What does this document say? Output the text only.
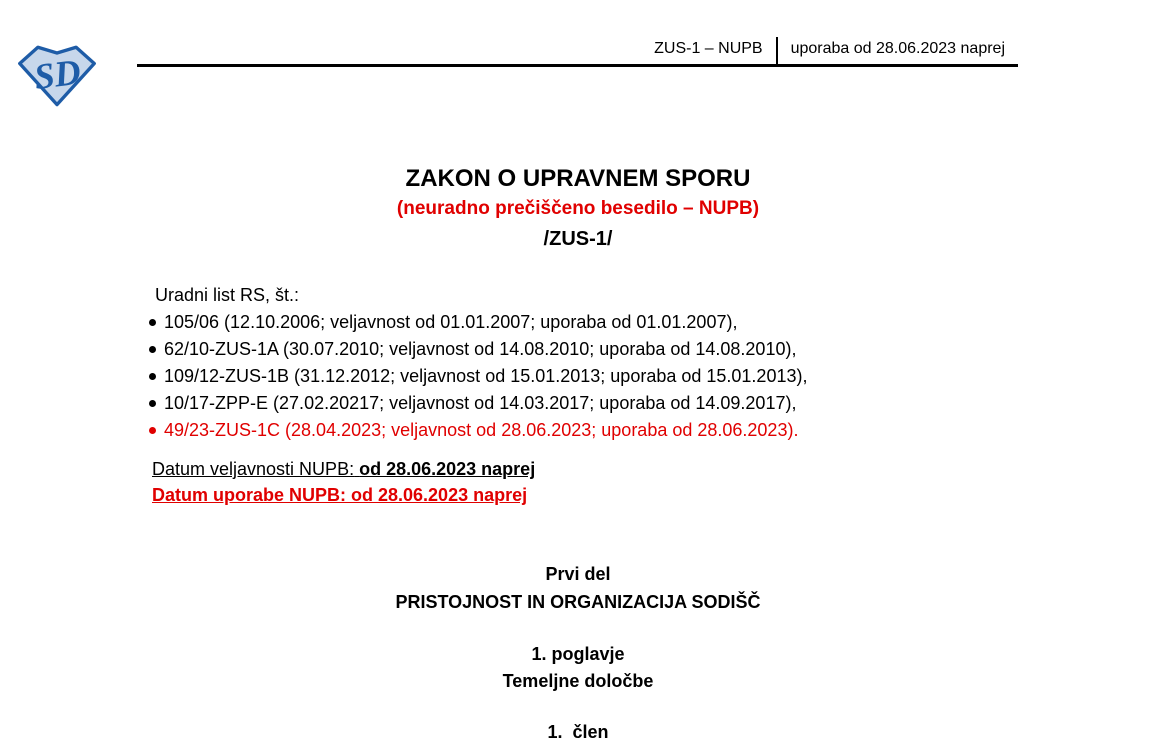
SD
ZUS-1 – NUPB uporaba od 28.06.2023 naprej
ZAKON O UPRAVNEM SPORU
(neuradno prečiščeno besedilo – NUPB)
/ZUS-1/
Uradni list RS, št.:
105/06 (12.10.2006; veljavnost od 01.01.2007; uporaba od 01.01.2007),
62/10-ZUS-1A (30.07.2010; veljavnost od 14.08.2010; uporaba od 14.08.2010),
109/12-ZUS-1B (31.12.2012; veljavnost od 15.01.2013; uporaba od 15.01.2013),
10/17-ZPP-E (27.02.20217; veljavnost od 14.03.2017; uporaba od 14.09.2017),
49/23-ZUS-1C (28.04.2023; veljavnost od 28.06.2023; uporaba od 28.06.2023).
Datum veljavnosti NUPB: od 28.06.2023 naprej
Datum uporabe NUPB: od 28.06.2023 naprej
Prvi del
PRISTOJNOST IN ORGANIZACIJA SODIŠČ
1. poglavje
Temeljne določbe
1.  člen
